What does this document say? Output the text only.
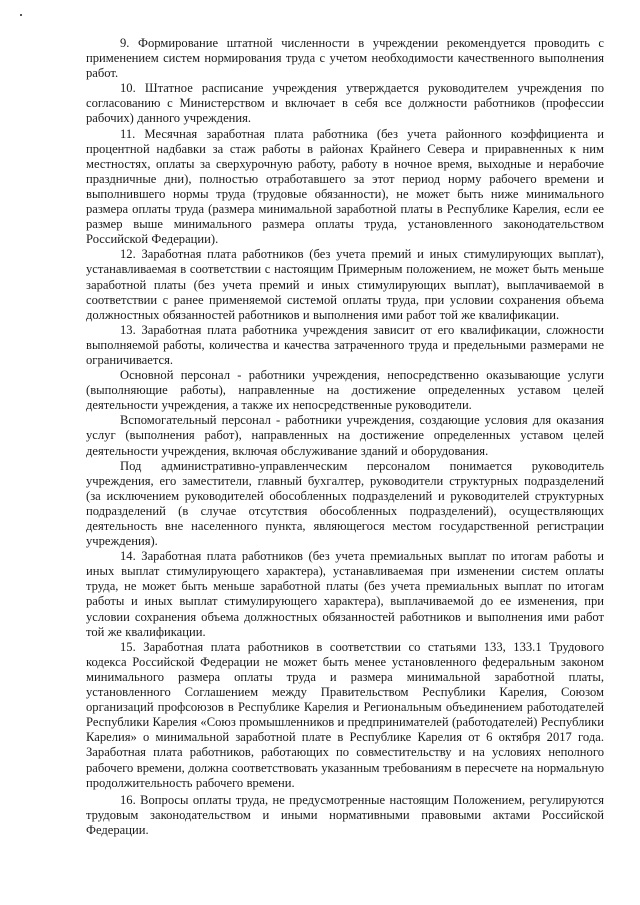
9. Формирование штатной численности в учреждении рекомендуется проводить с применением систем нормирования труда с учетом необходимости качественного выполнения работ.

10. Штатное расписание учреждения утверждается руководителем учреждения по согласованию с Министерством и включает в себя все должности работников (профессии рабочих) данного учреждения.

11. Месячная заработная плата работника (без учета районного коэффициента и процентной надбавки за стаж работы в районах Крайнего Севера и приравненных к ним местностях, оплаты за сверхурочную работу, работу в ночное время, выходные и нерабочие праздничные дни), полностью отработавшего за этот период норму рабочего времени и выполнившего нормы труда (трудовые обязанности), не может быть ниже минимального размера оплаты труда (размера минимальной заработной платы в Республике Карелия, если ее размер выше минимального размера оплаты труда, установленного законодательством Российской Федерации).

12. Заработная плата работников (без учета премий и иных стимулирующих выплат), устанавливаемая в соответствии с настоящим Примерным положением, не может быть меньше заработной платы (без учета премий и иных стимулирующих выплат), выплачиваемой в соответствии с ранее применяемой системой оплаты труда, при условии сохранения объема должностных обязанностей работников и выполнения ими работ той же квалификации.

13. Заработная плата работника учреждения зависит от его квалификации, сложности выполняемой работы, количества и качества затраченного труда и предельными размерами не ограничивается.

Основной персонал - работники учреждения, непосредственно оказывающие услуги (выполняющие работы), направленные на достижение определенных уставом целей деятельности учреждения, а также их непосредственные руководители.

Вспомогательный персонал - работники учреждения, создающие условия для оказания услуг (выполнения работ), направленных на достижение определенных уставом целей деятельности учреждения, включая обслуживание зданий и оборудования.

Под административно-управленческим персоналом понимается руководитель учреждения, его заместители, главный бухгалтер, руководители структурных подразделений (за исключением руководителей обособленных подразделений и руководителей структурных подразделений (в случае отсутствия обособленных подразделений), осуществляющих деятельность вне населенного пункта, являющегося местом государственной регистрации учреждения).

14. Заработная плата работников (без учета премиальных выплат по итогам работы и иных выплат стимулирующего характера), устанавливаемая при изменении систем оплаты труда, не может быть меньше заработной платы (без учета премиальных выплат по итогам работы и иных выплат стимулирующего характера), выплачиваемой до ее изменения, при условии сохранения объема должностных обязанностей работников и выполнения ими работ той же квалификации.

15. Заработная плата работников в соответствии со статьями 133, 133.1 Трудового кодекса Российской Федерации не может быть менее установленного федеральным законом минимального размера оплаты труда и размера минимальной заработной платы, установленного Соглашением между Правительством Республики Карелия, Союзом организаций профсоюзов в Республике Карелия и Региональным объединением работодателей Республики Карелия «Союз промышленников и предпринимателей (работодателей) Республики Карелия» о минимальной заработной плате в Республике Карелия от 6 октября 2017 года. Заработная плата работников, работающих по совместительству и на условиях неполного рабочего времени, должна соответствовать указанным требованиям в пересчете на нормальную продолжительность рабочего времени.

16. Вопросы оплаты труда, не предусмотренные настоящим Положением, регулируются трудовым законодательством и иными нормативными правовыми актами Российской Федерации.
